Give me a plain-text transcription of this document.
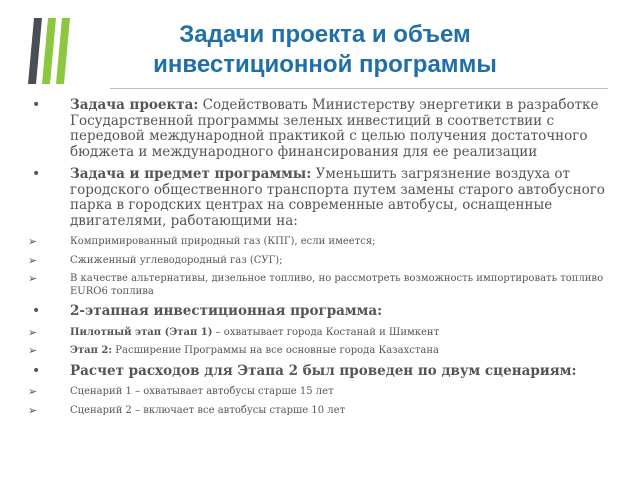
Задачи проекта и объем
инвестиционной программы
• Задача проекта: Содействовать Министерству энергетики в разработке Государственной программы зеленых инвестиций в соответствии с передовой международной практикой с целью получения достаточного бюджета и международного финансирования для ее реализации
• Задача и предмет программы: Уменьшить загрязнение воздуха от городского общественного транспорта путем замены старого автобусного парка в городских центрах на современные автобусы, оснащенные двигателями, работающими на:
➢	Компримированный природный газ (КПГ), если имеется;
➢	Сжиженный углеводородный газ (СУГ);
➢	В качестве альтернативы, дизельное топливо, но рассмотреть возможность импортировать топливо EURO6 топлива
• 2-этапная инвестиционная программа:
➢	Пилотный этап (Этап 1) – охватывает города Костанай и Шимкент
➢	Этап 2: Расширение Программы на все основные города Казахстана
• Расчет расходов для Этапа 2 был проведен по двум сценариям:
➢	Сценарий 1 – охватывает автобусы старше 15 лет
➢	Сценарий 2 – включает все автобусы старше 10 лет
